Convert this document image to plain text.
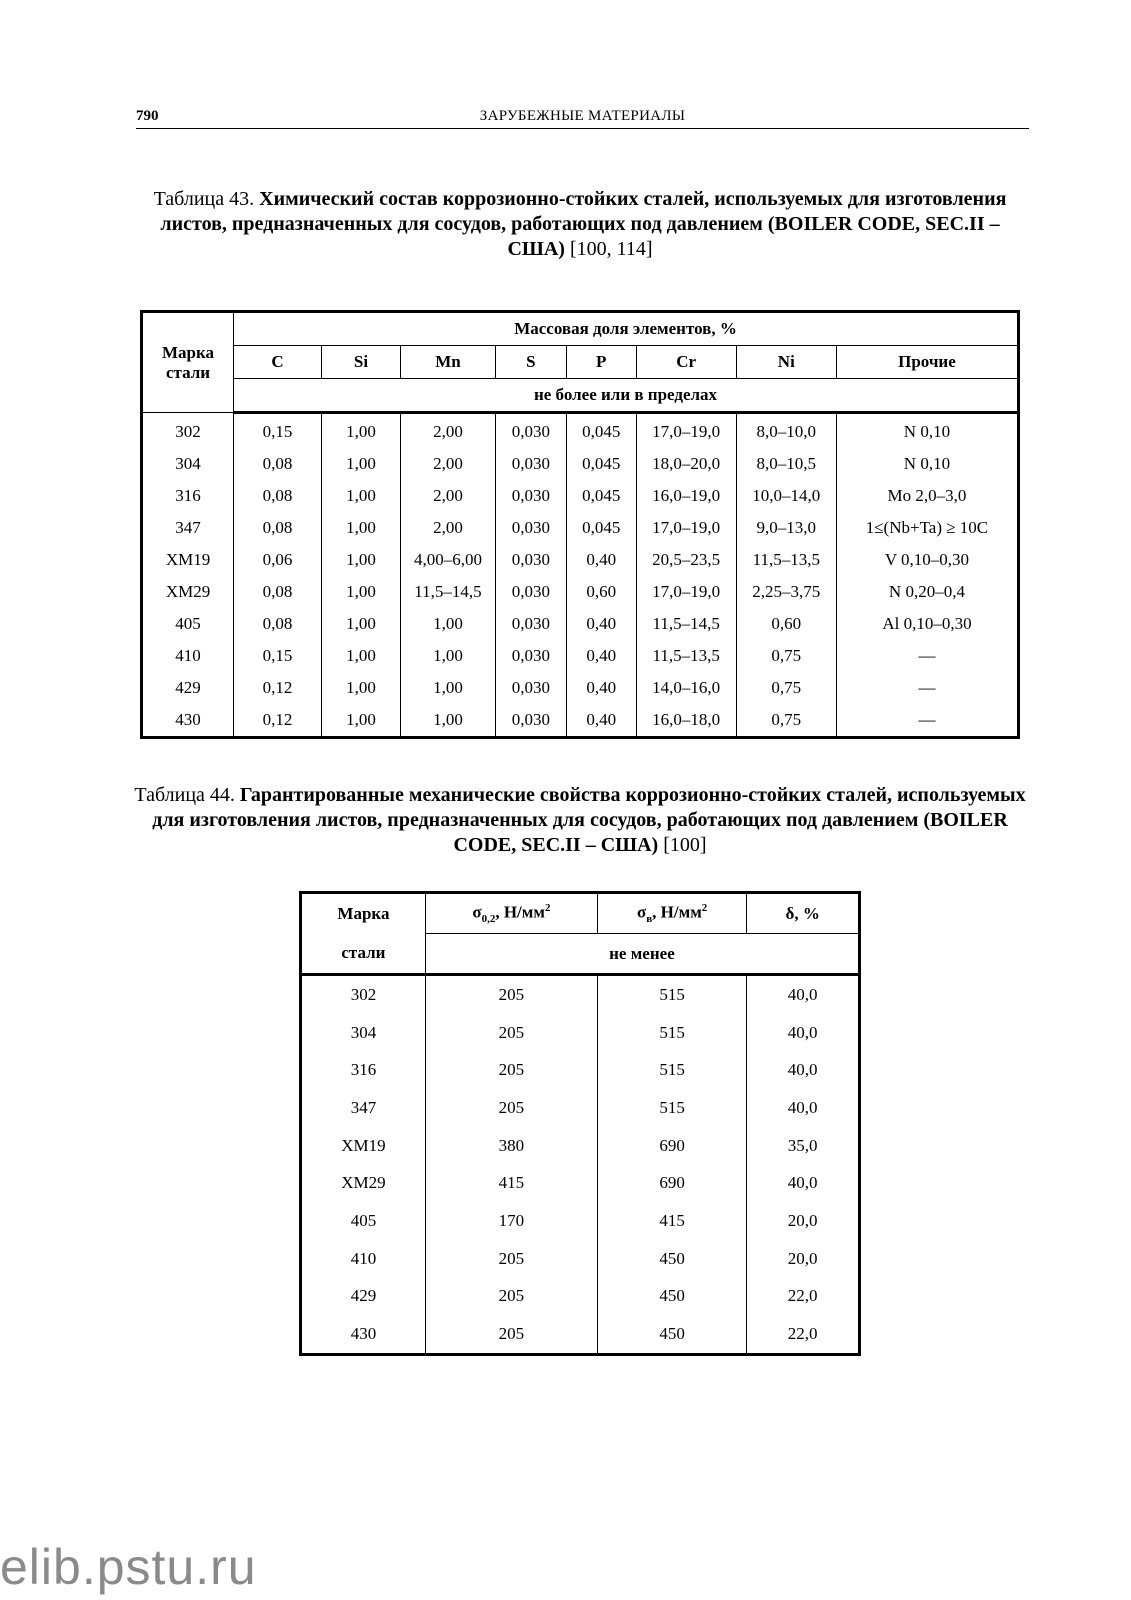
790	ЗАРУБЕЖНЫЕ МАТЕРИАЛЫ
Таблица 43. Химический состав коррозионно-стойких сталей, используемых для изготовления листов, предназначенных для сосудов, работающих под давлением (BOILER CODE, SEC.II – США) [100, 114]
Марка стали	Массовая доля элементов, %							
	C	Si	Mn	S	P	Cr	Ni	Прочие
	не более или в пределах							
302	0,15	1,00	2,00	0,030	0,045	17,0–19,0	8,0–10,0	N 0,10
304	0,08	1,00	2,00	0,030	0,045	18,0–20,0	8,0–10,5	N 0,10
316	0,08	1,00	2,00	0,030	0,045	16,0–19,0	10,0–14,0	Mo 2,0–3,0
347	0,08	1,00	2,00	0,030	0,045	17,0–19,0	9,0–13,0	1≤(Nb+Ta) ≥ 10C
XM19	0,06	1,00	4,00–6,00	0,030	0,40	20,5–23,5	11,5–13,5	V 0,10–0,30
XM29	0,08	1,00	11,5–14,5	0,030	0,60	17,0–19,0	2,25–3,75	N 0,20–0,4
405	0,08	1,00	1,00	0,030	0,40	11,5–14,5	0,60	Al 0,10–0,30
410	0,15	1,00	1,00	0,030	0,40	11,5–13,5	0,75	—
429	0,12	1,00	1,00	0,030	0,40	14,0–16,0	0,75	—
430	0,12	1,00	1,00	0,030	0,40	16,0–18,0	0,75	—
Таблица 44. Гарантированные механические свойства коррозионно-стойких сталей, используемых для изготовления листов, предназначенных для сосудов, работающих под давлением (BOILER CODE, SEC.II – США) [100]
Марка	$\sigma_{0,2}$, $Н/мм^2$	$\sigma_в$, $Н/мм^2$	δ, %
стали	не менее		
302	205	515	40,0
304	205	515	40,0
316	205	515	40,0
347	205	515	40,0
XM19	380	690	35,0
XM29	415	690	40,0
405	170	415	20,0
410	205	450	20,0
429	205	450	22,0
430	205	450	22,0
elib.pstu.ru
